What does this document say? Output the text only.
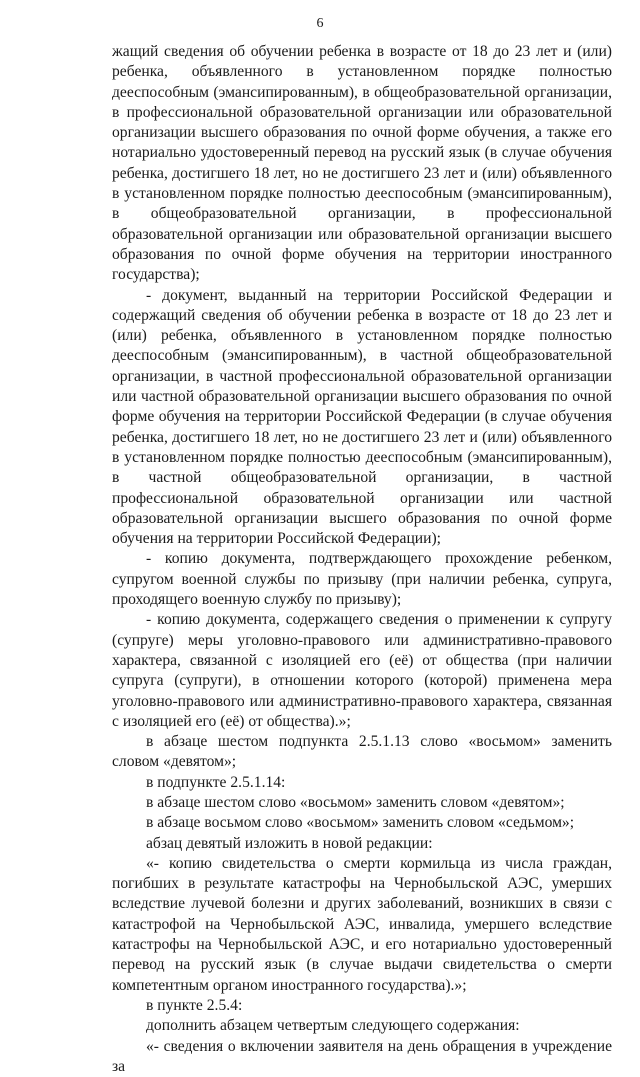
6

жащий сведения об обучении ребенка в возрасте от 18 до 23 лет и (или) ребенка, объявленного в установленном порядке полностью дееспособным (эмансипированным), в общеобразовательной организации, в профессиональной образовательной организации или образовательной организации высшего образования по очной форме обучения, а также его нотариально удостоверенный перевод на русский язык (в случае обучения ребенка, достигшего 18 лет, но не достигшего 23 лет и (или) объявленного в установленном порядке полностью дееспособным (эмансипированным), в общеобразовательной организации, в профессиональной образовательной организации или образовательной организации высшего образования по очной форме обучения на территории иностранного государства);

- документ, выданный на территории Российской Федерации и содержащий сведения об обучении ребенка в возрасте от 18 до 23 лет и (или) ребенка, объявленного в установленном порядке полностью дееспособным (эмансипированным), в частной общеобразовательной организации, в частной профессиональной образовательной организации или частной образовательной организации высшего образования по очной форме обучения на территории Российской Федерации (в случае обучения ребенка, достигшего 18 лет, но не достигшего 23 лет и (или) объявленного в установленном порядке полностью дееспособным (эмансипированным), в частной общеобразовательной организации, в частной профессиональной образовательной организации или частной образовательной организации высшего образования по очной форме обучения на территории Российской Федерации);

- копию документа, подтверждающего прохождение ребенком, супругом военной службы по призыву (при наличии ребенка, супруга, проходящего военную службу по призыву);

- копию документа, содержащего сведения о применении к супругу (супруге) меры уголовно-правового или административно-правового характера, связанной с изоляцией его (её) от общества (при наличии супруга (супруги), в отношении которого (которой) применена мера уголовно-правового или административно-правового характера, связанная с изоляцией его (её) от общества).»;

в абзаце шестом подпункта 2.5.1.13 слово «восьмом» заменить словом «девятом»;

в подпункте 2.5.1.14:

в абзаце шестом слово «восьмом» заменить словом «девятом»;

в абзаце восьмом слово «восьмом» заменить словом «седьмом»;

абзац девятый изложить в новой редакции:

«- копию свидетельства о смерти кормильца из числа граждан, погибших в результате катастрофы на Чернобыльской АЭС, умерших вследствие лучевой болезни и других заболеваний, возникших в связи с катастрофой на Чернобыльской АЭС, инвалида, умершего вследствие катастрофы на Чернобыльской АЭС, и его нотариально удостоверенный перевод на русский язык (в случае выдачи свидетельства о смерти компетентным органом иностранного государства).»;

в пункте 2.5.4:

дополнить абзацем четвертым следующего содержания:

«- сведения о включении заявителя на день обращения в учреждение за
